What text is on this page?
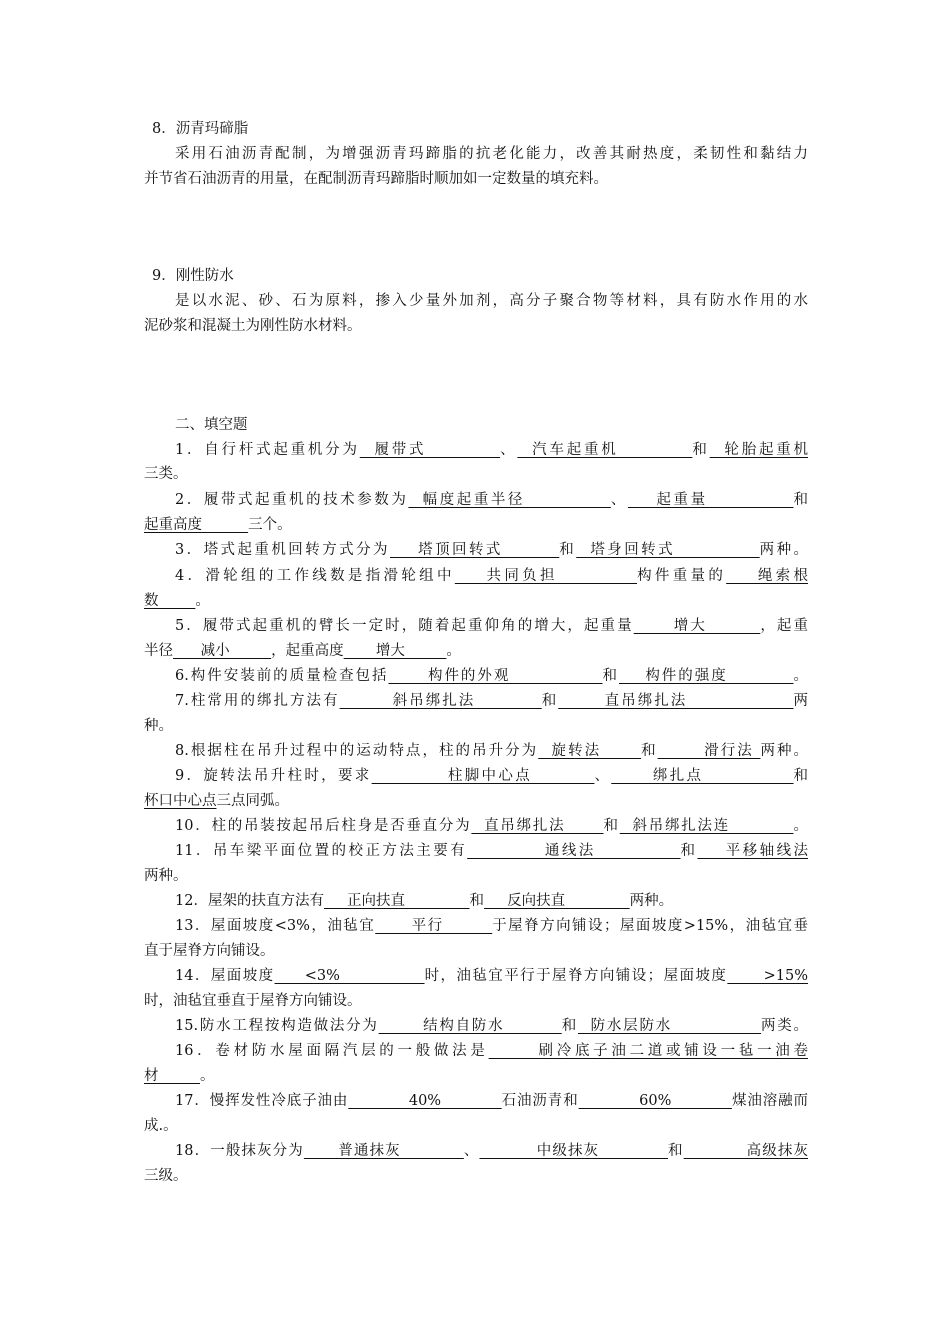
8．沥青玛碲脂
采用石油沥青配制，为增强沥青玛蹄脂的抗老化能力，改善其耐热度，柔韧性和黏结力
并节省石油沥青的用量，在配制沥青玛蹄脂时顺加如一定数量的填充料。
9．刚性防水
是以水泥、砂、石为原料，掺入少量外加剂，高分子聚合物等材料，具有防水作用的水
泥砂浆和混凝土为刚性防水材料。
二、填空题
1．自行杆式起重机分为  履带式          、  汽车起重机          和  轮胎起重机
三类。
2．履带式起重机的技术参数为  幅度起重半径            、    起重量            和
起重高度          三个。
3．塔式起重机回转方式分为    塔顶回转式        和  塔身回转式            两种。
4．滑轮组的工作线数是指滑轮组中    共同负担          构件重量的    绳索根
数        。
5．履带式起重机的臂长一定时，随着起重仰角的增大，起重量      增大        ，起重
半径      减小         ，起重高度       增大         。
6.构件安装前的质量检查包括      构件的外观              和    构件的强度          。
7.柱常用的绑扎方法有        斜吊绑扎法          和       直吊绑扎法                两
种。
8.根据柱在吊升过程中的运动特点，柱的吊升分为  旋转法      和       滑行法 两种。
9．旋转法吊升柱时，要求           柱脚中心点         、      绑扎点             和
杯口中心点三点同弧。
10．柱的吊装按起吊后柱身是否垂直分为  直吊绑扎法      和  斜吊绑扎法连          。
11．吊车梁平面位置的校正方法主要有           通线法            和    平移轴线法
两种。
12．屋架的扶直方法有     正向扶直              和     反向扶直              两种。
13．屋面坡度<3%，油毡宜      平行        于屋脊方向铺设；屋面坡度>15%，油毡宜垂
直于屋脊方向铺设。
14．屋面坡度     <3%              时，油毡宜平行于屋脊方向铺设；屋面坡度      >15%
时，油毡宜垂直于屋脊方向铺设。
15.防水工程按构造做法分为       结构自防水         和  防水层防水              两类。
16．卷材防水屋面隔汽层的一般做法是      刷冷底子油二道或铺设一毡一油卷
材         。
17．慢挥发性冷底子油由           40%           石油沥青和           60%           煤油溶融而
成.。
18．一般抹灰分为      普通抹灰           、          中级抹灰            和           高级抹灰
三级。
